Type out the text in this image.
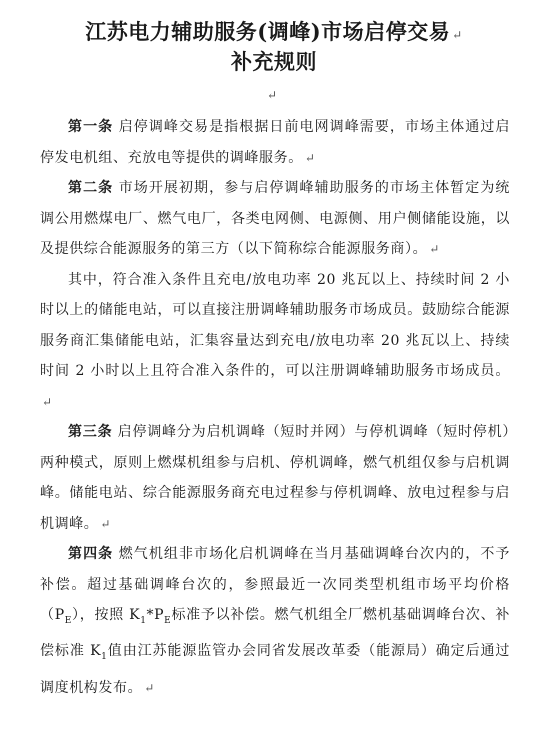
江苏电力辅助服务(调峰)市场启停交易 ↵
补充规则
↵

第一条 启停调峰交易是指根据日前电网调峰需要，市场主体通过启停发电机组、充放电等提供的调峰服务。 ↵

第二条 市场开展初期，参与启停调峰辅助服务的市场主体暂定为统调公用燃煤电厂、燃气电厂，各类电网侧、电源侧、用户侧储能设施，以及提供综合能源服务的第三方（以下简称综合能源服务商）。 ↵

其中，符合准入条件且充电/放电功率 20 兆瓦以上、持续时间 2 小时以上的储能电站，可以直接注册调峰辅助服务市场成员。鼓励综合能源服务商汇集储能电站，汇集容量达到充电/放电功率 20 兆瓦以上、持续时间 2 小时以上且符合准入条件的，可以注册调峰辅助服务市场成员。↵

第三条 启停调峰分为启机调峰（短时并网）与停机调峰（短时停机）两种模式，原则上燃煤机组参与启机、停机调峰，燃气机组仅参与启机调峰。储能电站、综合能源服务商充电过程参与停机调峰、放电过程参与启机调峰。 ↵

第四条 燃气机组非市场化启机调峰在当月基础调峰台次内的，不予补偿。超过基础调峰台次的，参照最近一次同类型机组市场平均价格$(P_E)$，按照 $K_1*P_E$标准予以补偿。燃气机组全厂燃机基础调峰台次、补偿标准 $K_1$值由江苏能源监管办会同省发展改革委（能源局）确定后通过调度机构发布。 ↵
